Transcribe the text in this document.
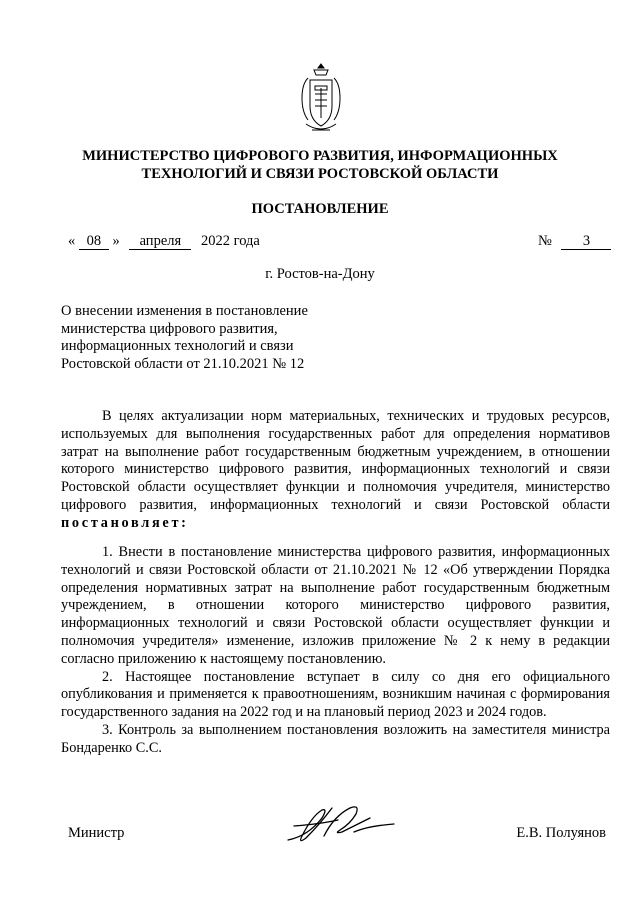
МИНИСТЕРСТВО ЦИФРОВОГО РАЗВИТИЯ, ИНФОРМАЦИОННЫХ
ТЕХНОЛОГИЙ И СВЯЗИ РОСТОВСКОЙ ОБЛАСТИ
ПОСТАНОВЛЕНИЕ
« 08 » апреля 2022 года	№ 3
г. Ростов-на-Дону
О внесении изменения в постановление
министерства цифрового развития,
информационных технологий и связи
Ростовской области от 21.10.2021 № 12

В целях актуализации норм материальных, технических и трудовых ресурсов, используемых для выполнения государственных работ для определения нормативов затрат на выполнение работ государственным бюджетным учреждением, в отношении которого министерство цифрового развития, информационных технологий и связи Ростовской области осуществляет функции и полномочия учредителя, министерство цифрового развития, информационных технологий и связи Ростовской области постановляет:

1. Внести в постановление министерства цифрового развития, информационных технологий и связи Ростовской области от 21.10.2021 № 12 «Об утверждении Порядка определения нормативных затрат на выполнение работ государственным бюджетным учреждением, в отношении которого министерство цифрового развития, информационных технологий и связи Ростовской области осуществляет функции и полномочия учредителя» изменение, изложив приложение № 2 к нему в редакции согласно приложению к настоящему постановлению.

2. Настоящее постановление вступает в силу со дня его официального опубликования и применяется к правоотношениям, возникшим начиная с формирования государственного задания на 2022 год и на плановый период 2023 и 2024 годов.

3. Контроль за выполнением постановления возложить на заместителя министра Бондаренко С.С.

Министр	Е.В. Полуянов
